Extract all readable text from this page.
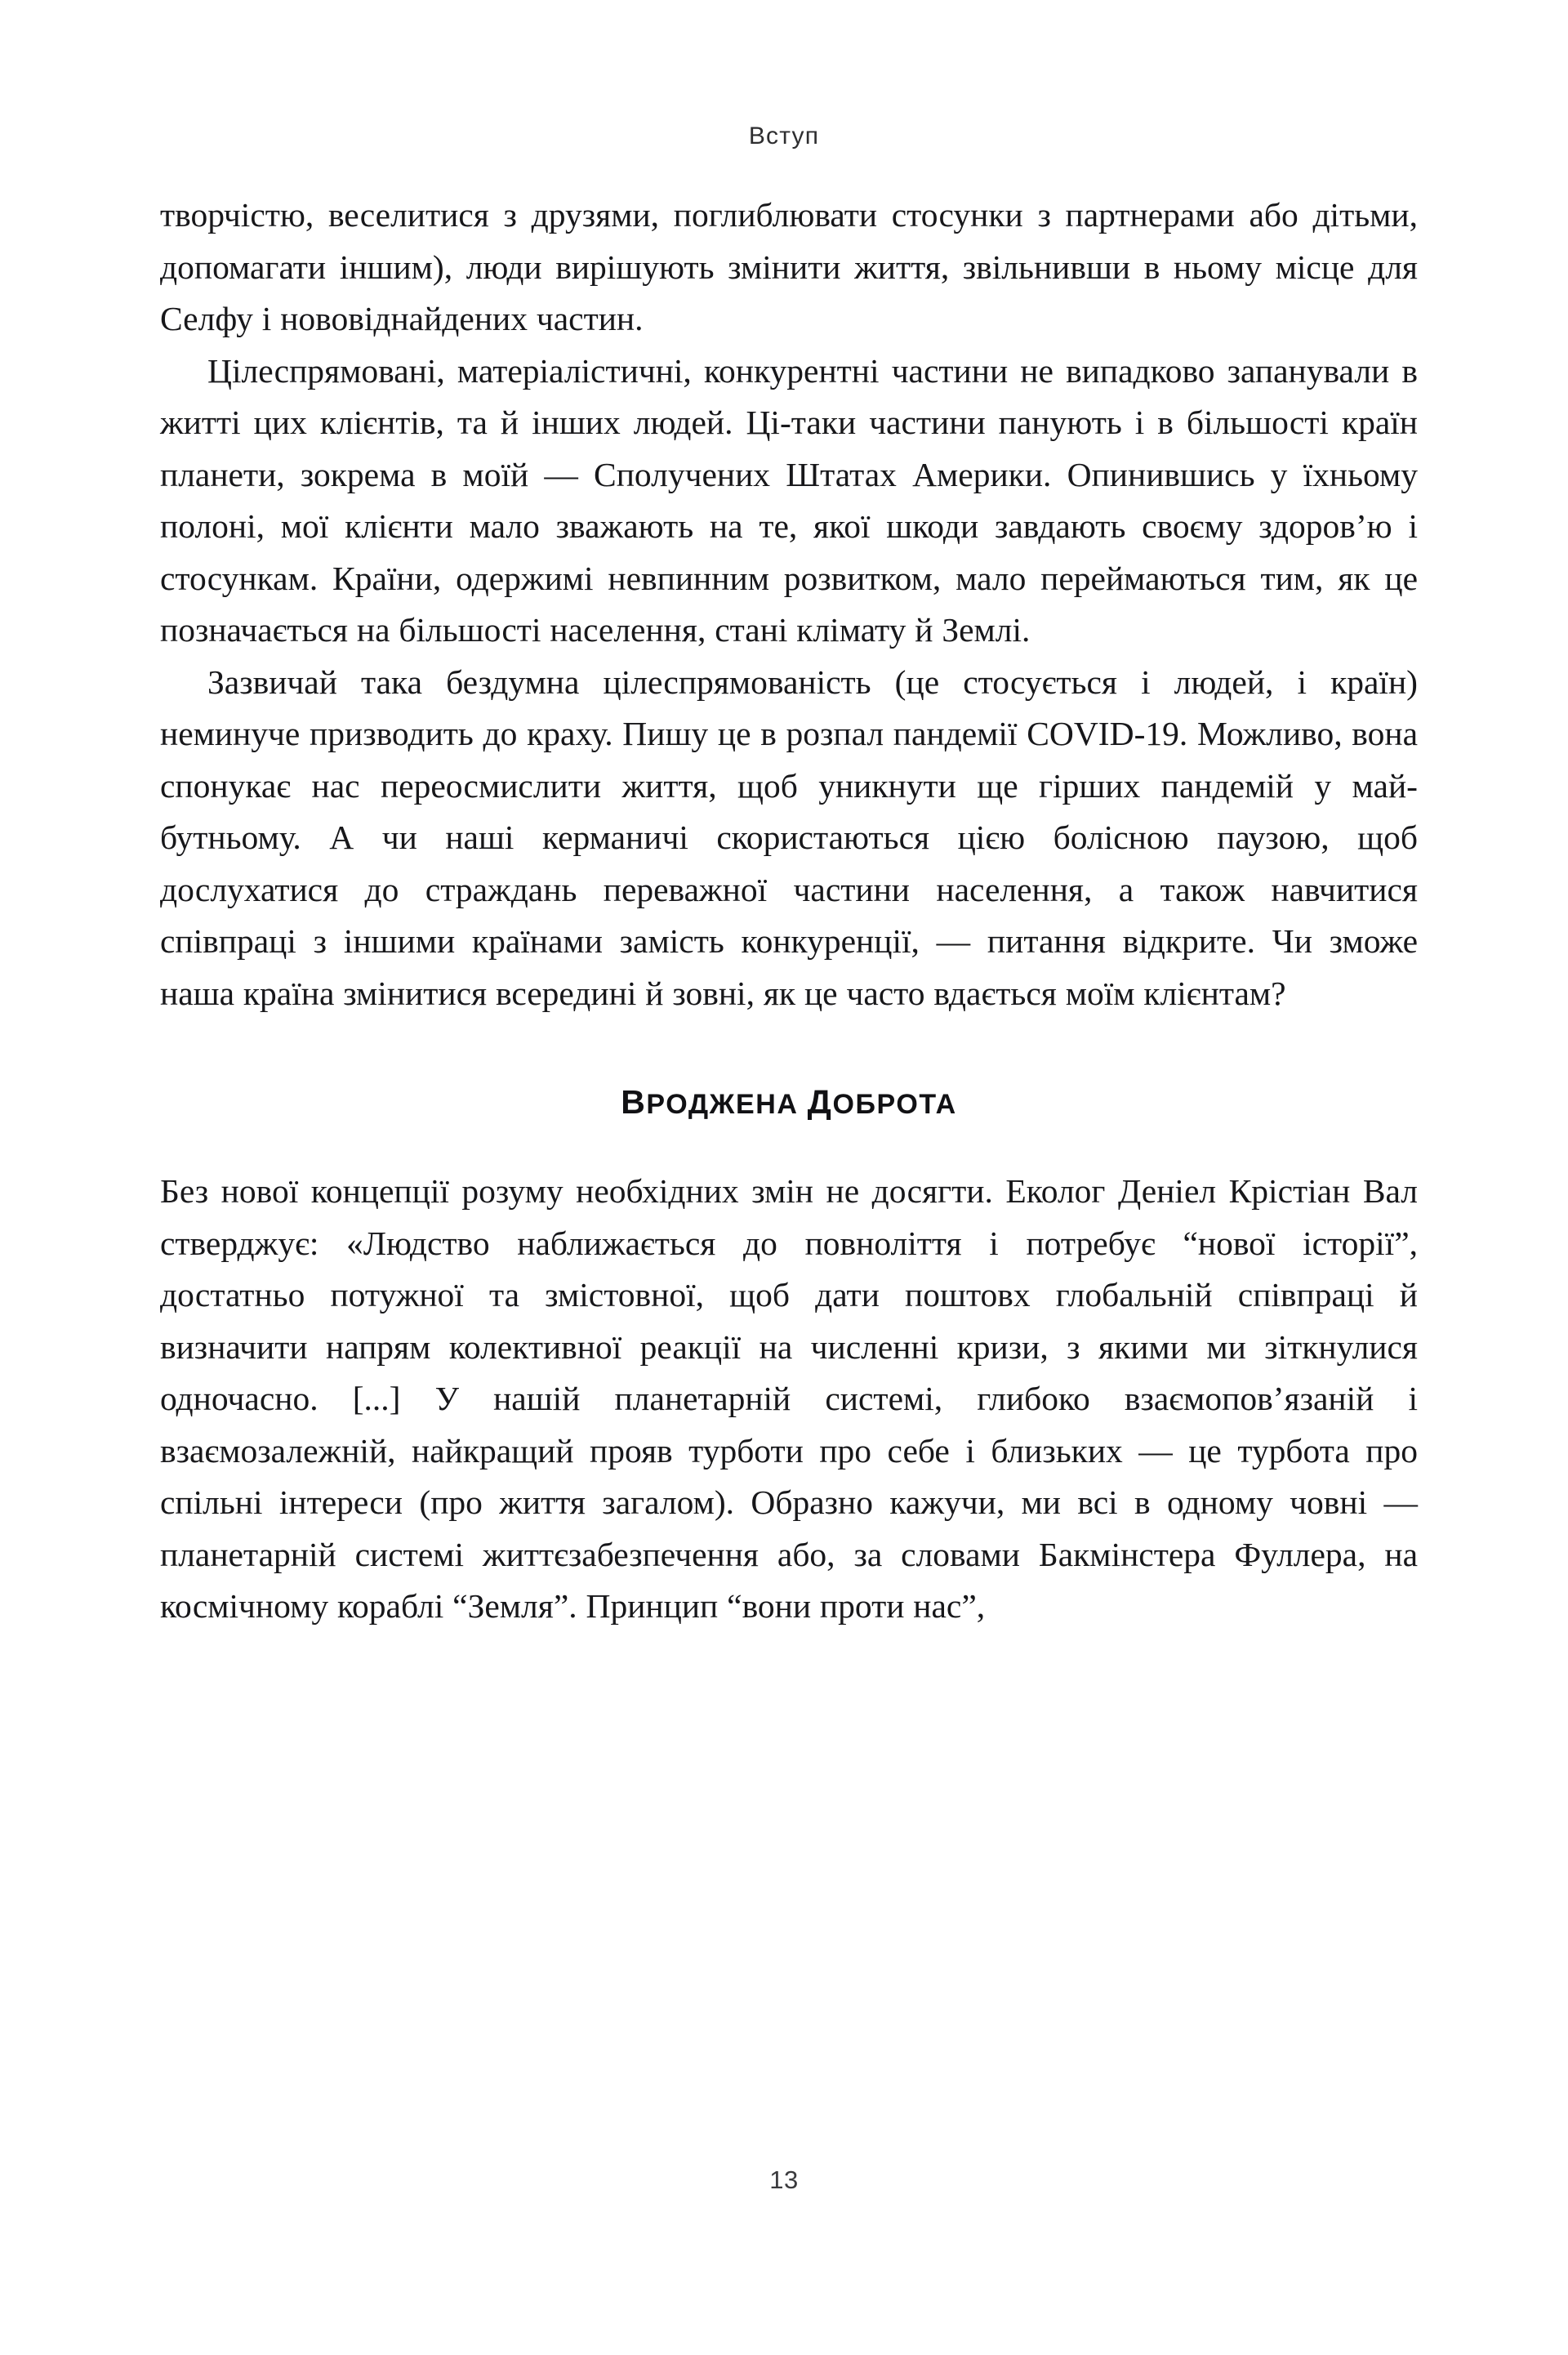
Вступ

творчістю, веселитися з друзями, поглиблювати стосунки з партнерами або дітьми, допомагати іншим), люди вирішують змінити життя, звільнивши в ньому місце для Селфу і нововіднайдених частин.

Цілеспрямовані, матеріалістичні, конкурентні частини не випадково запанували в житті цих клієнтів, та й інших людей. Ці-таки частини панують і в більшості країн планети, зокрема в моїй — Сполучених Штатах Америки. Опинившись у їхньому полоні, мої клієнти мало зважають на те, якої шкоди завдають своєму здоров’ю і стосункам. Країни, одержимі невпинним розвитком, мало переймаються тим, як це позначається на більшості населення, стані клімату й Землі.

Зазвичай така бездумна цілеспрямованість (це стосується і людей, і країн) неминуче призводить до краху. Пишу це в розпал пандемії COVID-19. Можливо, вона спонукає нас переосмислити життя, щоб уникнути ще гірших пандемій у майбутньому. А чи наші керманичі скористаються цією болісною паузою, щоб дослухатися до страждань переважної частини населення, а також навчитися співпраці з іншими країнами замість конкуренції, — питання відкрите. Чи зможе наша країна змінитися всередині й зовні, як це часто вдається моїм клієнтам?

ВРОДЖЕНА ДОБРОТА

Без нової концепції розуму необхідних змін не досягти. Еколог Деніел Крістіан Вал стверджує: «Людство наближається до повноліття і потребує “нової історії”, достатньо потужної та змістовної, щоб дати поштовх глобальній співпраці й визначити напрям колективної реакції на численні кризи, з якими ми зіткнулися одночасно. [...] У нашій планетарній системі, глибоко взаємопов’язаній і взаємозалежній, найкращий прояв турботи про себе і близьких — це турбота про спільні інтереси (про життя загалом). Образно кажучи, ми всі в одному човні — планетарній системі життєзабезпечення або, за словами Бакмінстера Фуллера, на космічному кораблі “Земля”. Принцип “вони проти нас”,

13
